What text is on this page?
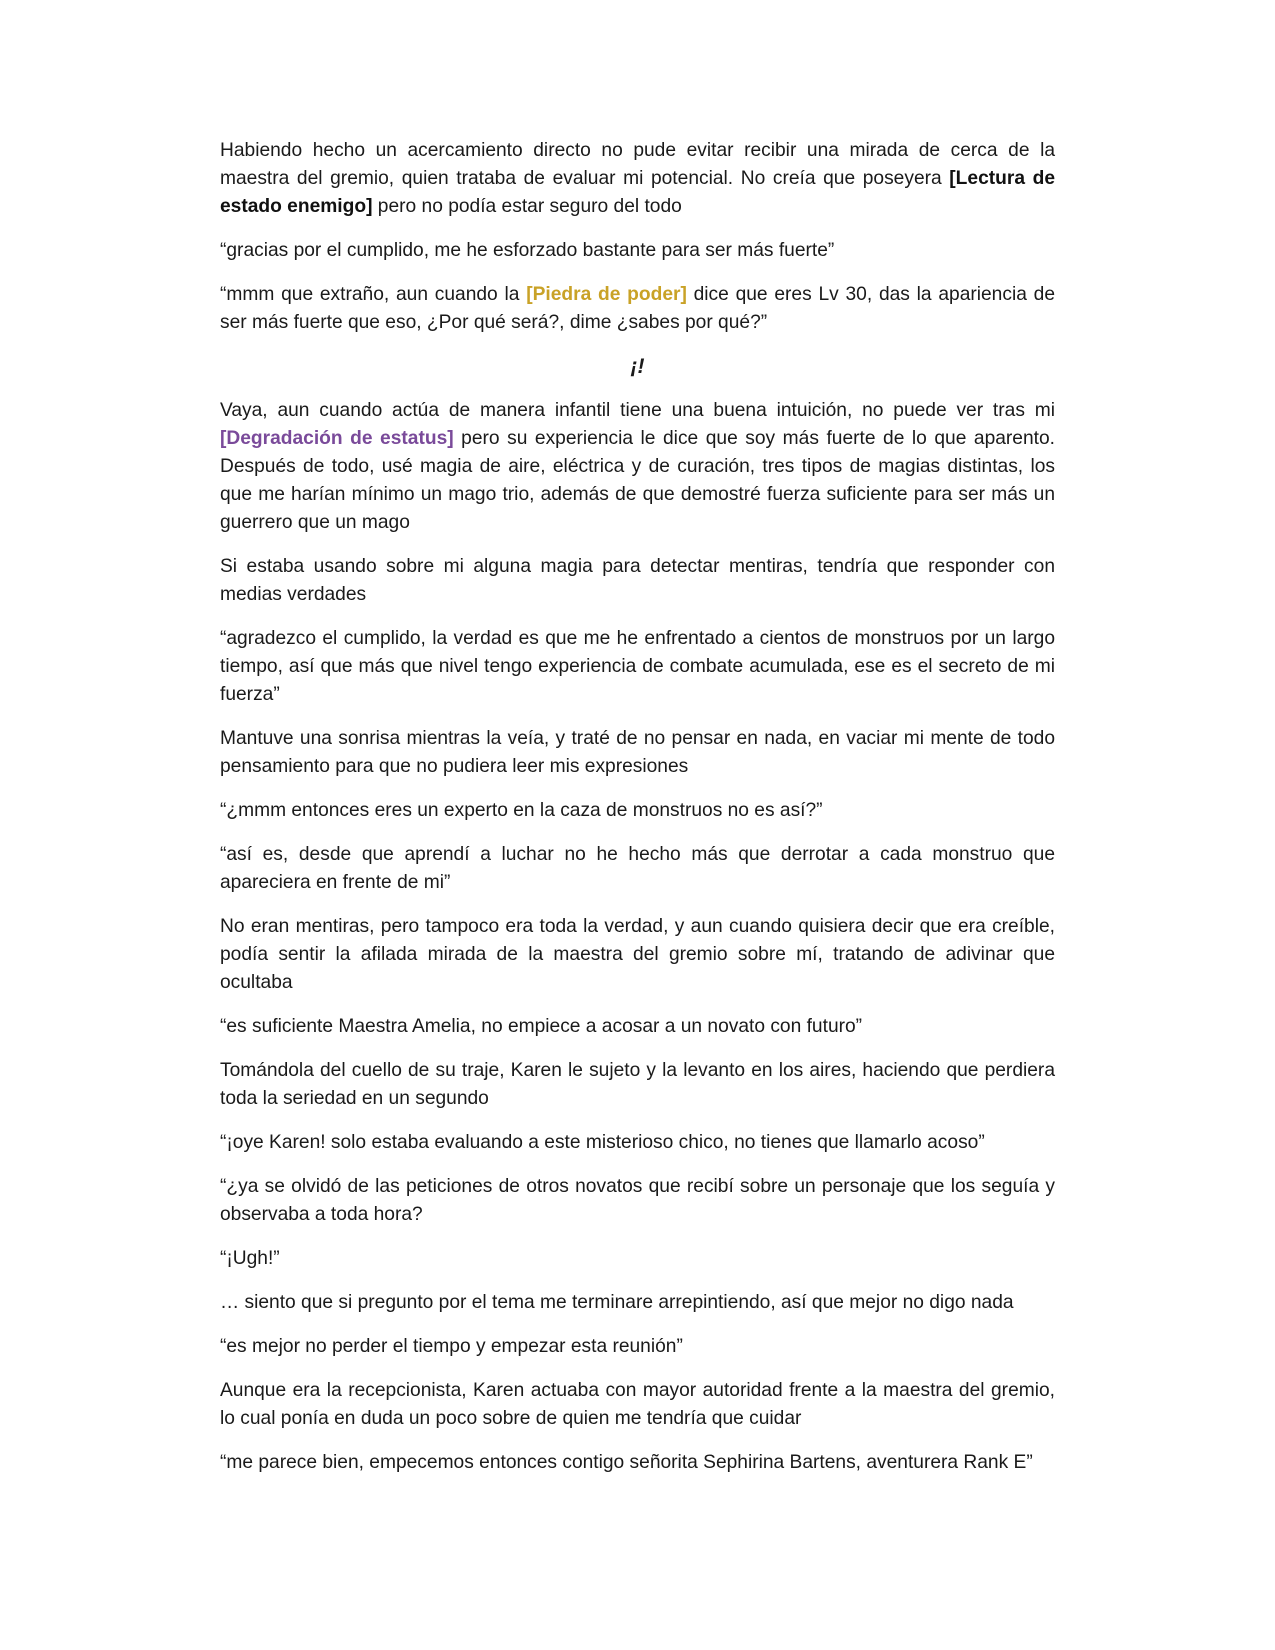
Habiendo hecho un acercamiento directo no pude evitar recibir una mirada de cerca de la maestra del gremio, quien trataba de evaluar mi potencial. No creía que poseyera [Lectura de estado enemigo] pero no podía estar seguro del todo

“gracias por el cumplido, me he esforzado bastante para ser más fuerte”

“mmm que extraño, aun cuando la [Piedra de poder] dice que eres Lv 30, das la apariencia de ser más fuerte que eso, ¿Por qué será?, dime ¿sabes por qué?”

¡!

Vaya, aun cuando actúa de manera infantil tiene una buena intuición, no puede ver tras mi [Degradación de estatus] pero su experiencia le dice que soy más fuerte de lo que aparento. Después de todo, usé magia de aire, eléctrica y de curación, tres tipos de magias distintas, los que me harían mínimo un mago trio, además de que demostré fuerza suficiente para ser más un guerrero que un mago

Si estaba usando sobre mi alguna magia para detectar mentiras, tendría que responder con medias verdades

“agradezco el cumplido, la verdad es que me he enfrentado a cientos de monstruos por un largo tiempo, así que más que nivel tengo experiencia de combate acumulada, ese es el secreto de mi fuerza”

Mantuve una sonrisa mientras la veía, y traté de no pensar en nada, en vaciar mi mente de todo pensamiento para que no pudiera leer mis expresiones

“¿mmm entonces eres un experto en la caza de monstruos no es así?”

“así es, desde que aprendí a luchar no he hecho más que derrotar a cada monstruo que apareciera en frente de mi”

No eran mentiras, pero tampoco era toda la verdad, y aun cuando quisiera decir que era creíble, podía sentir la afilada mirada de la maestra del gremio sobre mí, tratando de adivinar que ocultaba

“es suficiente Maestra Amelia, no empiece a acosar a un novato con futuro”

Tomándola del cuello de su traje, Karen le sujeto y la levanto en los aires, haciendo que perdiera toda la seriedad en un segundo

“¡oye Karen! solo estaba evaluando a este misterioso chico, no tienes que llamarlo acoso”

“¿ya se olvidó de las peticiones de otros novatos que recibí sobre un personaje que los seguía y observaba a toda hora?

“¡Ugh!”

… siento que si pregunto por el tema me terminare arrepintiendo, así que mejor no digo nada

“es mejor no perder el tiempo y empezar esta reunión”

Aunque era la recepcionista, Karen actuaba con mayor autoridad frente a la maestra del gremio, lo cual ponía en duda un poco sobre de quien me tendría que cuidar

“me parece bien, empecemos entonces contigo señorita Sephirina Bartens, aventurera Rank E”
